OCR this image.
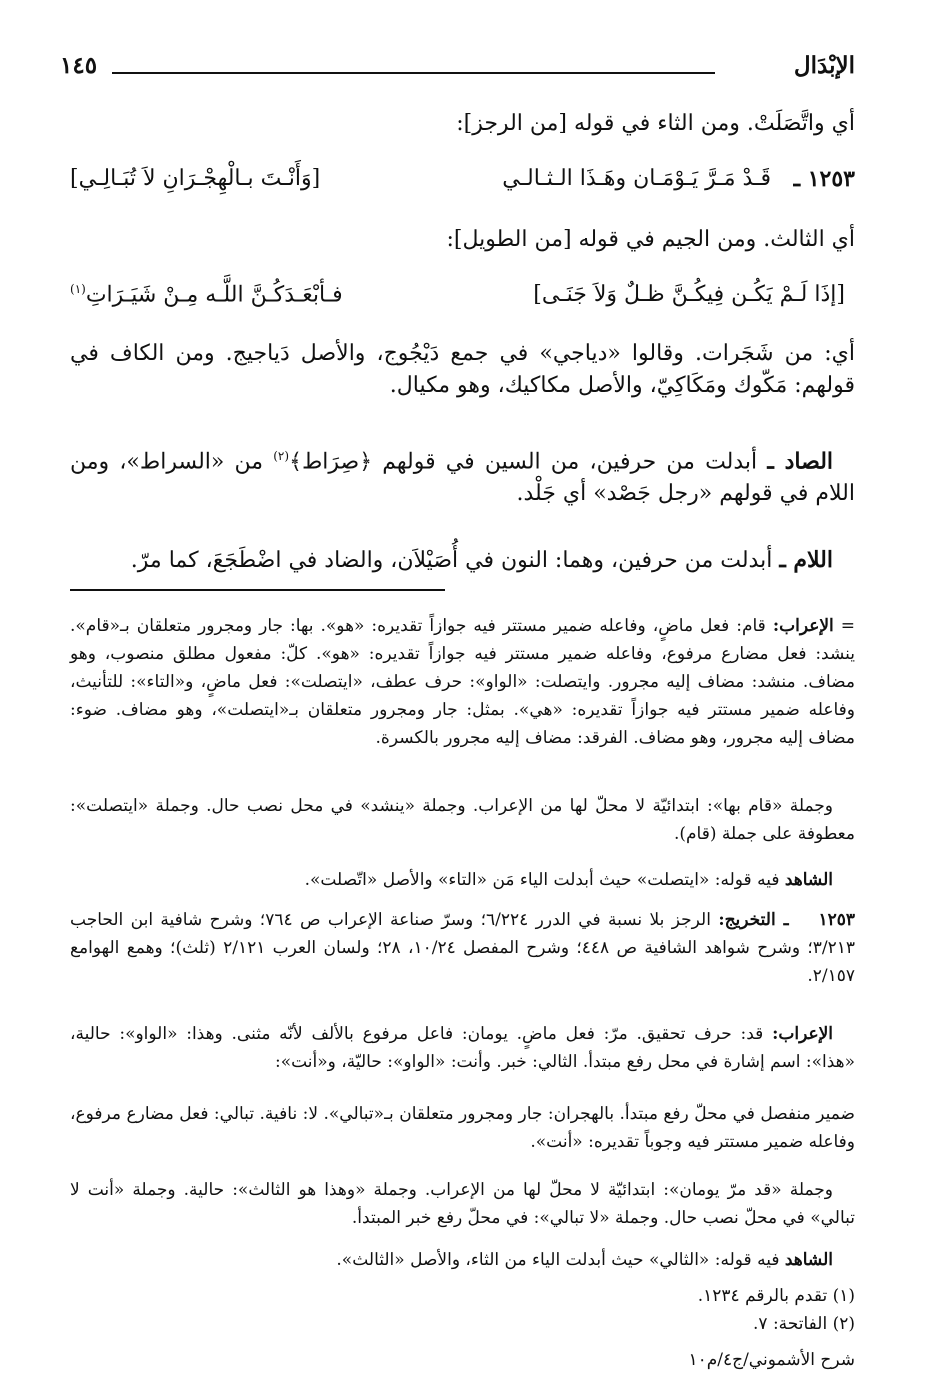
الإبْدَال
١٤٥
أي واتَّصَلَتْ. ومن الثاء في قوله [من الرجز]:
١٢٥٣ ـ
قَـدْ مَـرَّ يَـوْمَـان وهَـذَا الـثـالـي
[وَأَنْـتَ بـالْهِجْـرَانِ لاَ تُبَـالِـي]
أي الثالث. ومن الجيم في قوله [من الطويل]:
[إذَا لَـمْ يَكُـن فِيكُـنَّ ظـلٌ وَلاَ جَنَـى]
فـأبْعَـدَكُـنَّ اللَّـه مِـنْ شَيَـرَاتِ$^{(١)}$
أي: من شَجَرات. وقالوا «دياجي» في جمع دَيْجُوج، والأصل دَياجيج. ومن الكاف في قولهم: مَكّوك ومَكَاكِيّ، والأصل مكاكيك، وهو مكيال.
الصاد ـ أبدلت من حرفين، من السين في قولهم ﴿صِرَاط﴾$^{(٢)}$ من «السراط»، ومن اللام في قولهم «رجل جَصْد» أي جَلْد.
اللام ـ أبدلت من حرفين، وهما: النون في أُصَيْلاَن، والضاد في اضْطَجَعَ، كما مرّ.
= الإعراب: قام: فعل ماضٍ، وفاعله ضمير مستتر فيه جوازاً تقديره: «هو». بها: جار ومجرور متعلقان بـ«قام». ينشد: فعل مضارع مرفوع، وفاعله ضمير مستتر فيه جوازاً تقديره: «هو». كلّ: مفعول مطلق منصوب، وهو مضاف. منشد: مضاف إليه مجرور. وايتصلت: «الواو»: حرف عطف، «ايتصلت»: فعل ماضٍ، و«التاء»: للتأنيث، وفاعله ضمير مستتر فيه جوازاً تقديره: «هي». بمثل: جار ومجرور متعلقان بـ«ايتصلت»، وهو مضاف. ضوء: مضاف إليه مجرور، وهو مضاف. الفرقد: مضاف إليه مجرور بالكسرة.
وجملة «قام بها»: ابتدائيّة لا محلّ لها من الإعراب. وجملة «ينشد» في محل نصب حال. وجملة «ايتصلت»: معطوفة على جملة (قام).
الشاهد فيه قوله: «ايتصلت» حيث أبدلت الياء مَن «التاء» والأصل «اتّصلت».
١٢٥٣ ـ التخريج: الرجز بلا نسبة في الدرر ٦/٢٢٤؛ وسرّ صناعة الإعراب ص ٧٦٤؛ وشرح شافية ابن الحاجب ٣/٢١٣؛ وشرح شواهد الشافية ص ٤٤٨؛ وشرح المفصل ١٠/٢٤، ٢٨؛ ولسان العرب ٢/١٢١ (ثلث)؛ وهمع الهوامع ٢/١٥٧.
الإعراب: قد: حرف تحقيق. مرّ: فعل ماضٍ. يومان: فاعل مرفوع بالألف لأنّه مثنى. وهذا: «الواو»: حالية، «هذا»: اسم إشارة في محل رفع مبتدأ. الثالي: خبر. وأنت: «الواو»: حاليّة، و«أنت»:
ضمير منفصل في محلّ رفع مبتدأ. بالهجران: جار ومجرور متعلقان بـ«تبالي». لا: نافية. تبالي: فعل مضارع مرفوع، وفاعله ضمير مستتر فيه وجوباً تقديره: «أنت».
وجملة «قد مرّ يومان»: ابتدائيّة لا محلّ لها من الإعراب. وجملة «وهذا هو الثالث»: حالية. وجملة «أنت لا تبالي» في محلّ نصب حال. وجملة «لا تبالي»: في محلّ رفع خبر المبتدأ.
الشاهد فيه قوله: «الثالي» حيث أبدلت الياء من الثاء، والأصل «الثالث».
(١) تقدم بالرقم ١٢٣٤.
(٢) الفاتحة: ٧.
شرح الأشموني/ج٤/م١٠
